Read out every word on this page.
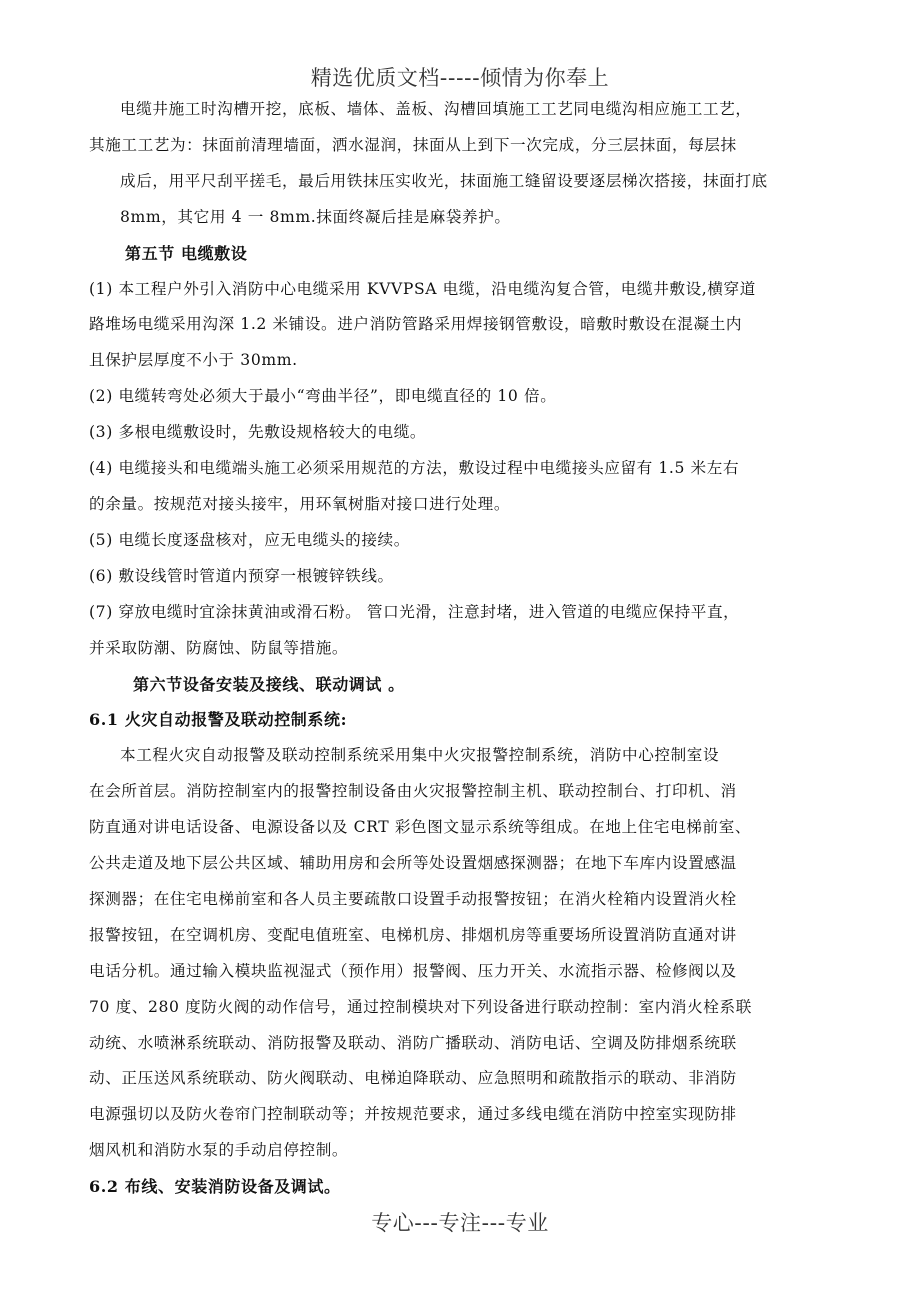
精选优质文档-----倾情为你奉上

电缆井施工时沟槽开挖，底板、墙体、盖板、沟槽回填施工工艺同电缆沟相应施工工艺，
其施工工艺为：抹面前清理墙面，洒水湿润，抹面从上到下一次完成，分三层抹面，每层抹
成后，用平尺刮平搓毛，最后用铁抹压实收光，抹面施工缝留设要逐层梯次搭接，抹面打底
8mm，其它用 4 一 8mm.抹面终凝后挂是麻袋养护。

第五节 电缆敷设

(1) 本工程户外引入消防中心电缆采用 KVVPSA 电缆，沿电缆沟复合管，电缆井敷设,横穿道
路堆场电缆采用沟深 1.2 米铺设。进户消防管路采用焊接钢管敷设，暗敷时敷设在混凝土内
且保护层厚度不小于 30mm.

(2) 电缆转弯处必须大于最小“弯曲半径”，即电缆直径的 10 倍。

(3) 多根电缆敷设时，先敷设规格较大的电缆。

(4) 电缆接头和电缆端头施工必须采用规范的方法，敷设过程中电缆接头应留有 1.5 米左右
的余量。按规范对接头接牢，用环氧树脂对接口进行处理。

(5) 电缆长度逐盘核对，应无电缆头的接续。

(6) 敷设线管时管道内预穿一根镀锌铁线。

(7) 穿放电缆时宜涂抹黄油或滑石粉。 管口光滑，注意封堵，进入管道的电缆应保持平直，
并采取防潮、防腐蚀、防鼠等措施。

第六节设备安装及接线、联动调试 。

6.1 火灾自动报警及联动控制系统:

本工程火灾自动报警及联动控制系统采用集中火灾报警控制系统，消防中心控制室设
在会所首层。消防控制室内的报警控制设备由火灾报警控制主机、联动控制台、打印机、消
防直通对讲电话设备、电源设备以及 CRT 彩色图文显示系统等组成。在地上住宅电梯前室、
公共走道及地下层公共区域、辅助用房和会所等处设置烟感探测器；在地下车库内设置感温
探测器；在住宅电梯前室和各人员主要疏散口设置手动报警按钮；在消火栓箱内设置消火栓
报警按钮，在空调机房、变配电值班室、电梯机房、排烟机房等重要场所设置消防直通对讲
电话分机。通过输入模块监视湿式（预作用）报警阀、压力开关、水流指示器、检修阀以及
70 度、280 度防火阀的动作信号，通过控制模块对下列设备进行联动控制：室内消火栓系联
动统、水喷淋系统联动、消防报警及联动、消防广播联动、消防电话、空调及防排烟系统联
动、正压送风系统联动、防火阀联动、电梯迫降联动、应急照明和疏散指示的联动、非消防
电源强切以及防火卷帘门控制联动等；并按规范要求，通过多线电缆在消防中控室实现防排
烟风机和消防水泵的手动启停控制。

6.2 布线、安装消防设备及调试。

专心---专注---专业
